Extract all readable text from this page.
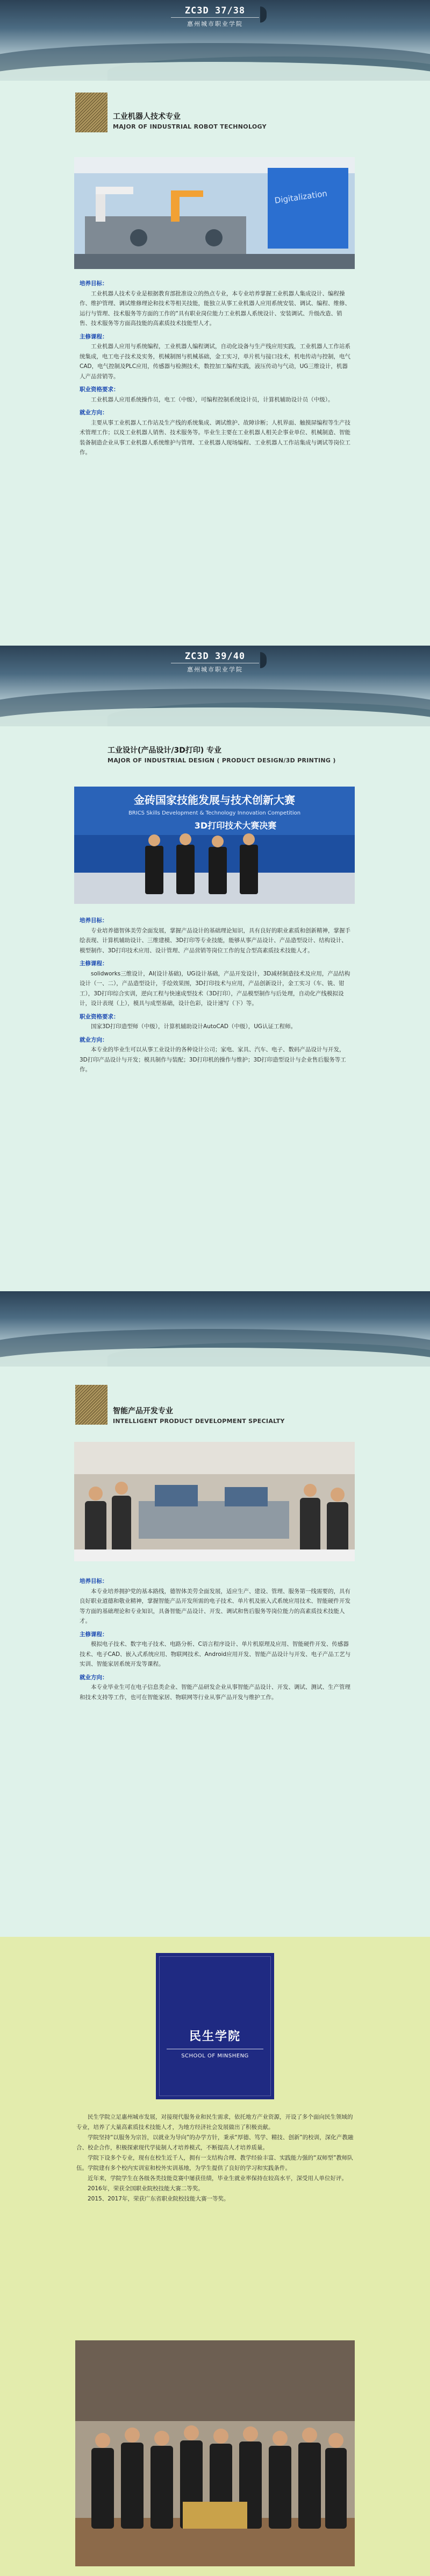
ZC3D 37/38
惠州城市职业学院
工业机器人技术专业
MAJOR OF INDUSTRIAL ROBOT TECHNOLOGY
Digitalization
培养目标：

工业机器人技术专业是根据教育部批准设立的热点专业，本专业培养掌握工业机器人集成设计、编程操作、维护管理、调试维修理论和技术等相关技能，能独立从事工业机器人应用系统安装、调试、编程、维修、运行与管理、技术服务等方面的工作的“具有职业岗位能力工业机器人系统设计、安装调试、升级改造、销售、技术服务等方面高技能的高素质技术技能型人才。

主修课程：

工业机器人应用与系统编程，工业机器人编程调试，自动化设备与生产线应用实践，工业机器人工作站系统集成，电工电子技术及实务，机械制图与机械基础，金工实习，单片机与接口技术，机电传动与控制，电气CAD，电气控制及PLC应用，传感器与检测技术，数控加工编程实践，液压传动与气动，UG三维设计，机器人产品营销等。

职业资格要求：

工业机器人应用系统操作员，电工（中级），可编程控制系统设计员，计算机辅助设计员（中级）。

就业方向：

主要从事工业机器人工作站及生产线的系统集成、调试维护、故障诊断；人机界面、触摸屏编程等生产技术管理工作；以及工业机器人销售、技术服务等。毕业生主要在工业机器人相关企事业单位、机械制造、智能装备制造企业从事工业机器人系统维护与管理、工业机器人现场编程、工业机器人工作站集成与调试等岗位工作。

ZC3D 39/40
惠州城市职业学院
工业设计(产品设计/3D打印) 专业
MAJOR OF INDUSTRIAL DESIGN ( PRODUCT DESIGN/3D PRINTING )
金砖国家技能发展与技术创新大赛
BRICS Skills Development & Technology Innovation Competition
3D打印技术大赛决赛
培养目标：

专业培养德智体美劳全面发展，掌握产品设计的基础理论知识，具有良好的职业素质和创新精神，掌握手绘表现、计算机辅助设计、三维建模、3D打印等专业技能，能够从事产品设计、产品造型设计、结构设计、模型制作、3D打印技术应用、设计管理、产品营销等岗位工作的复合型高素质技术技能人才。

主修课程：

solidworks三维设计，AI(设计基础)，UG设计基础，产品开发设计，3D减材制造技术及应用，产品结构设计（一、二），产品造型设计，手绘效果图，3D打印技术与应用，产品创新设计，金工实习（车、铣、钳工），3D打印综合实训，逆向工程与快速成型技术（3D打印），产品模型制作与后处理，自动化产线模拟设计，设计表现（上），模具与成型基础，设计色彩，设计速写（下）等。

职业资格要求：

国家3D打印造型师（中级），计算机辅助设计AutoCAD（中级），UG认证工程师。

就业方向：

本专业的毕业生可以从事工业设计的各种设计公司；家电、家具、汽车、电子、数码产品设计与开发，3D打印产品设计与开发；模具制作与装配；3D打印机的操作与维护；3D打印造型设计与企业售后服务等工作。

智能产品开发专业
INTELLIGENT PRODUCT DEVELOPMENT SPECIALTY
培养目标：

本专业培养拥护党的基本路线，德智体美劳全面发展，适应生产、建设、管理、服务第一线需要的，具有良好职业道德和敬业精神，掌握智能产品开发所需的电子技术、单片机及嵌入式系统应用技术、智能硬件开发等方面的基础理论和专业知识，具备智能产品设计、开发、调试和售后服务等岗位能力的高素质技术技能人才。

主修课程：

模拟电子技术、数字电子技术、电路分析、C语言程序设计、单片机原理及应用、智能硬件开发、传感器技术、电子CAD、嵌入式系统应用、物联网技术、Android应用开发、智能产品设计与开发、电子产品工艺与实训、智能家居系统开发等课程。

就业方向：

本专业毕业生可在电子信息类企业、智能产品研发企业从事智能产品设计、开发、调试、测试、生产管理和技术支持等工作，也可在智能家居、物联网等行业从事产品开发与维护工作。

民生学院
SCHOOL OF MINSHENG

民生学院立足惠州城市发展，对接现代服务业和民生需求，依托地方产业资源，开设了多个面向民生领域的专业，培养了大量高素质技术技能人才，为地方经济社会发展做出了积极贡献。

学院坚持“以服务为宗旨，以就业为导向”的办学方针，秉承“厚德、笃学、精技、创新”的校训，深化产教融合、校企合作，积极探索现代学徒制人才培养模式，不断提高人才培养质量。

学院下设多个专业，现有在校生近千人，拥有一支结构合理、教学经验丰富、实践能力强的“双师型”教师队伍。学院建有多个校内实训室和校外实训基地，为学生提供了良好的学习和实践条件。

近年来，学院学生在各级各类技能竞赛中屡获佳绩，毕业生就业率保持在较高水平，深受用人单位好评。

2016年，荣获全国职业院校技能大赛二等奖。

2015、2017年，荣获广东省职业院校技能大赛一等奖。
